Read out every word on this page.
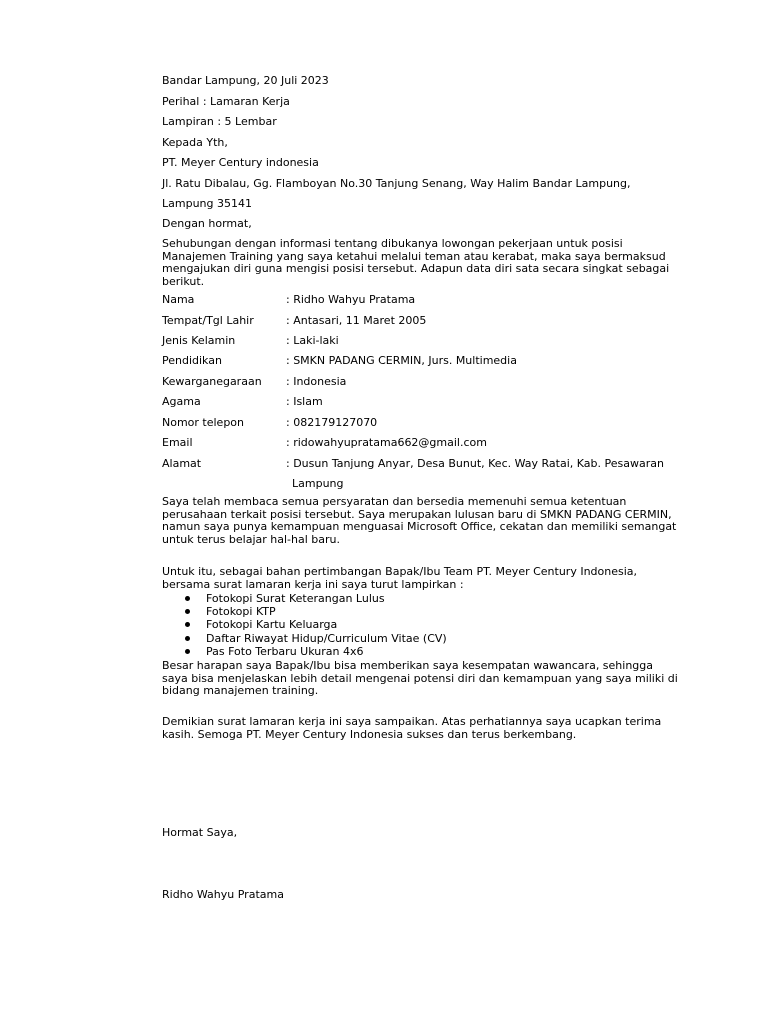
Bandar Lampung, 20 Juli 2023
Perihal : Lamaran Kerja
Lampiran : 5 Lembar
Kepada Yth,
PT. Meyer Century indonesia
Jl. Ratu Dibalau, Gg. Flamboyan No.30 Tanjung Senang, Way Halim Bandar Lampung,
Lampung 35141
Dengan hormat,

Sehubungan dengan informasi tentang dibukanya lowongan pekerjaan untuk posisi Manajemen Training yang saya ketahui melalui teman atau kerabat, maka saya bermaksud mengajukan diri guna mengisi posisi tersebut. Adapun data diri sata secara singkat sebagai berikut.

Nama	: Ridho Wahyu Pratama
Tempat/Tgl Lahir	: Antasari, 11 Maret 2005
Jenis Kelamin	: Laki-laki
Pendidikan	: SMKN PADANG CERMIN, Jurs. Multimedia
Kewarganegaraan : Indonesia
Agama	: Islam
Nomor telepon	: 082179127070
Email	: ridowahyupratama662@gmail.com
Alamat	: Dusun Tanjung Anyar, Desa Bunut, Kec. Way Ratai, Kab. Pesawaran
Lampung

Saya telah membaca semua persyaratan dan bersedia memenuhi semua ketentuan perusahaan terkait posisi tersebut. Saya merupakan lulusan baru di SMKN PADANG CERMIN, namun saya punya kemampuan menguasai Microsoft Office, cekatan dan memiliki semangat untuk terus belajar hal-hal baru.

Untuk itu, sebagai bahan pertimbangan Bapak/Ibu Team PT. Meyer Century Indonesia, bersama surat lamaran kerja ini saya turut lampirkan :

Fotokopi Surat Keterangan Lulus
Fotokopi KTP
Fotokopi Kartu Keluarga
Daftar Riwayat Hidup/Curriculum Vitae (CV)
Pas Foto Terbaru Ukuran 4x6

Besar harapan saya Bapak/Ibu bisa memberikan saya kesempatan wawancara, sehingga saya bisa menjelaskan lebih detail mengenai potensi diri dan kemampuan yang saya miliki di bidang manajemen training.

Demikian surat lamaran kerja ini saya sampaikan. Atas perhatiannya saya ucapkan terima kasih. Semoga PT. Meyer Century Indonesia sukses dan terus berkembang.

Hormat Saya,
Ridho Wahyu Pratama
